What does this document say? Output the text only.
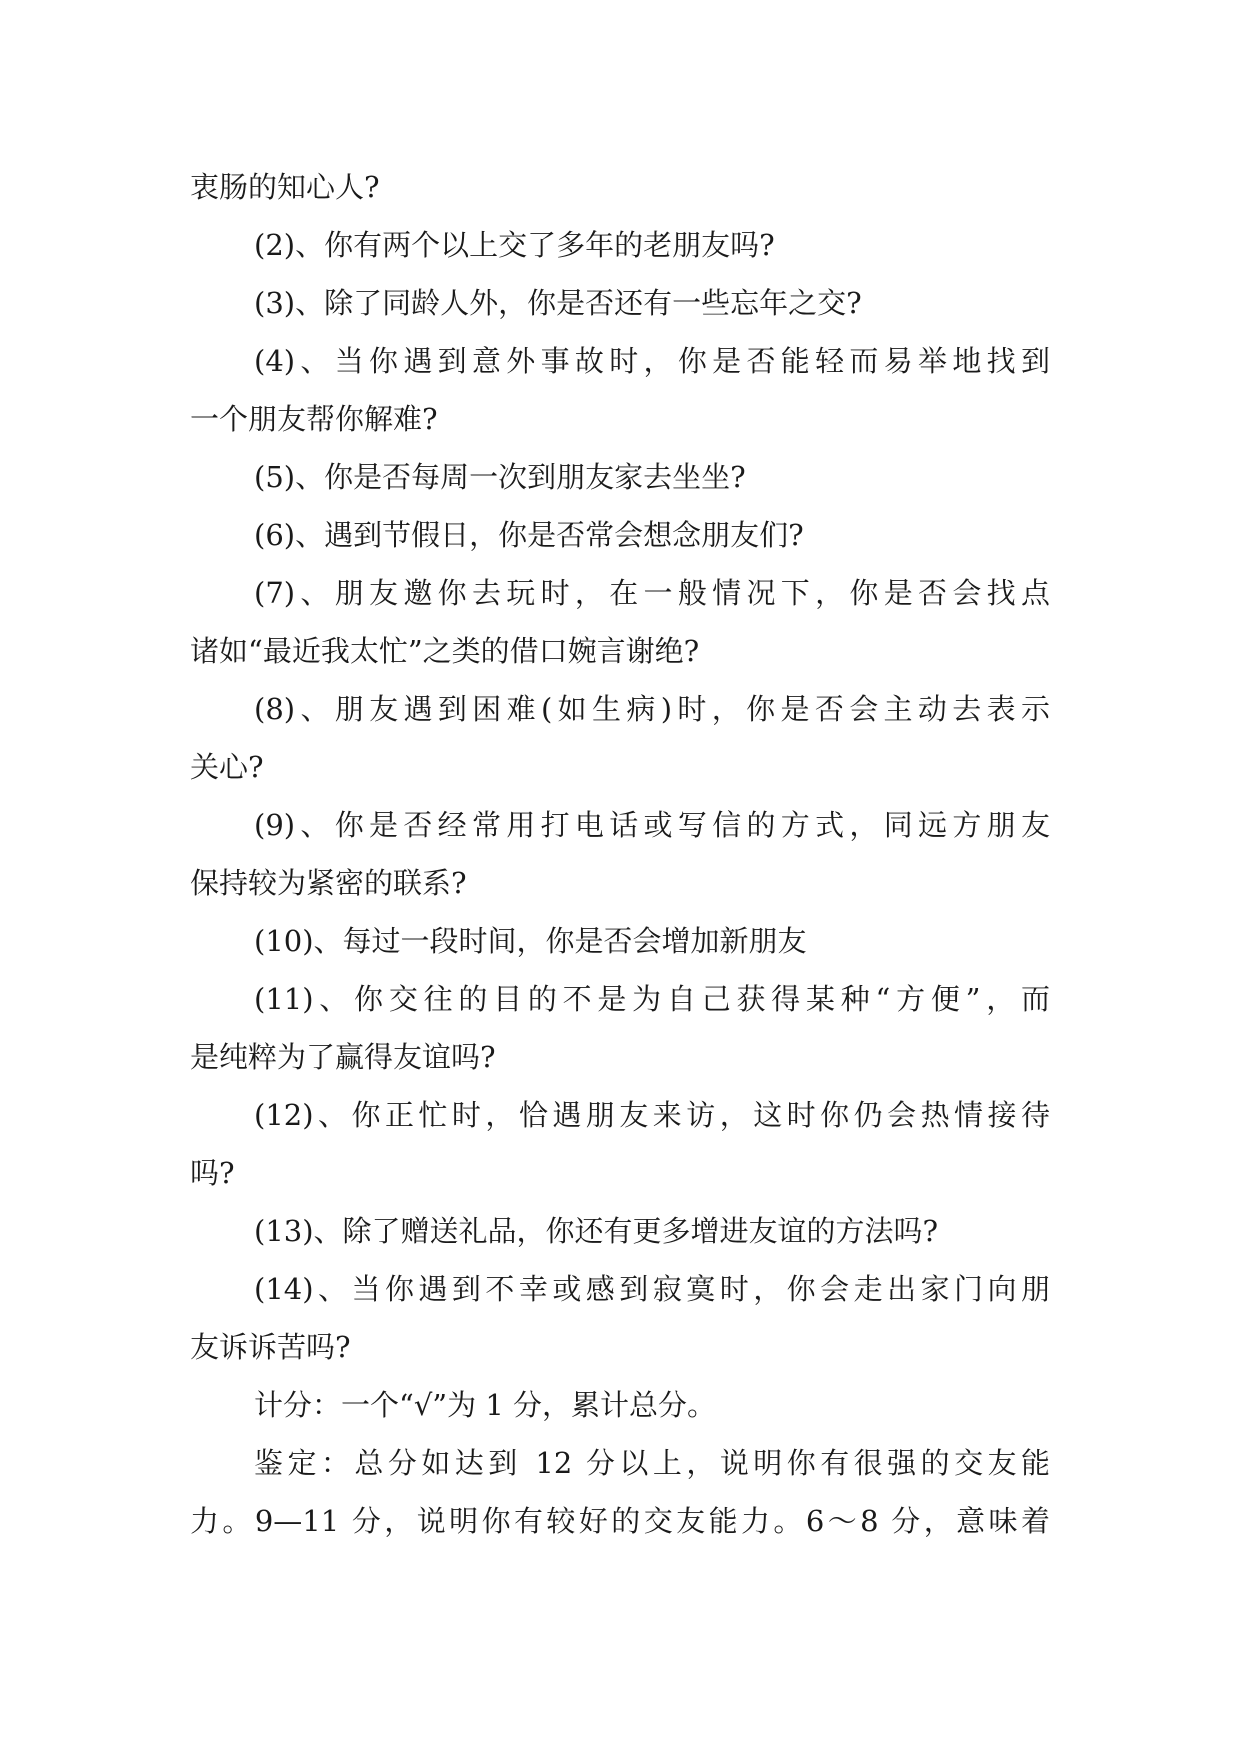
衷肠的知心人?
(2)、你有两个以上交了多年的老朋友吗?
(3)、除了同龄人外，你是否还有一些忘年之交?
(4)、当你遇到意外事故时，你是否能轻而易举地找到
一个朋友帮你解难?
(5)、你是否每周一次到朋友家去坐坐?
(6)、遇到节假日，你是否常会想念朋友们?
(7)、朋友邀你去玩时，在一般情况下，你是否会找点
诸如“最近我太忙”之类的借口婉言谢绝?
(8)、朋友遇到困难(如生病)时，你是否会主动去表示
关心?
(9)、你是否经常用打电话或写信的方式，同远方朋友
保持较为紧密的联系?
(10)、每过一段时间，你是否会增加新朋友
(11)、你交往的目的不是为自己获得某种“方便”，而
是纯粹为了赢得友谊吗?
(12)、你正忙时，恰遇朋友来访，这时你仍会热情接待
吗?
(13)、除了赠送礼品，你还有更多增进友谊的方法吗?
(14)、当你遇到不幸或感到寂寞时，你会走出家门向朋
友诉诉苦吗?
计分：一个“√”为 1 分，累计总分。
鉴定：总分如达到 12 分以上，说明你有很强的交友能
力。9—11 分，说明你有较好的交友能力。6～8 分，意味着
